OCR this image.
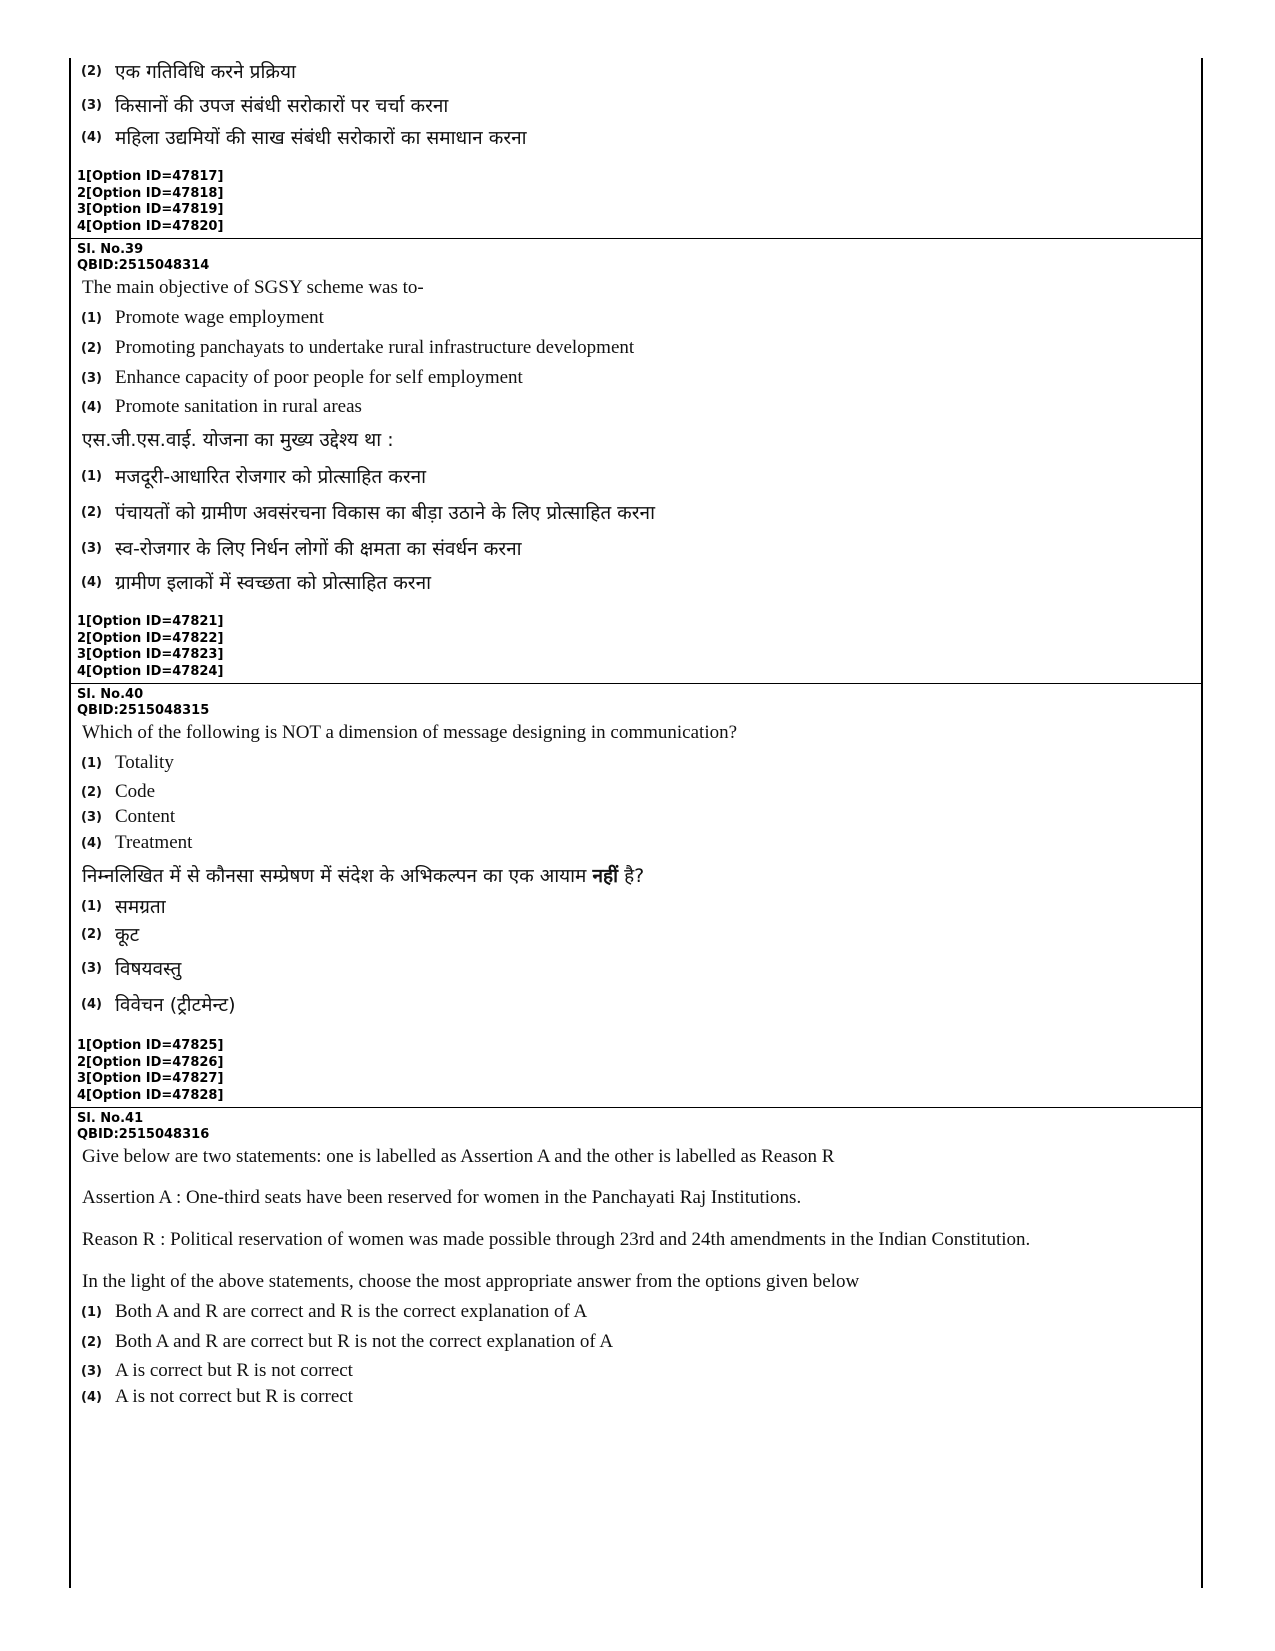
(2) एक गतिविधि करने प्रक्रिया
(3) किसानों की उपज संबंधी सरोकारों पर चर्चा करना
(4) महिला उद्यमियों की साख संबंधी सरोकारों का समाधान करना
1[Option ID=47817]
2[Option ID=47818]
3[Option ID=47819]
4[Option ID=47820]
Sl. No.39
QBID:2515048314
The main objective of SGSY scheme was to-
(1) Promote wage employment
(2) Promoting panchayats to undertake rural infrastructure development
(3) Enhance capacity of poor people for self employment
(4) Promote sanitation in rural areas
एस.जी.एस.वाई. योजना का मुख्य उद्देश्य था :
(1) मजदूरी-आधारित रोजगार को प्रोत्साहित करना
(2) पंचायतों को ग्रामीण अवसंरचना विकास का बीड़ा उठाने के लिए प्रोत्साहित करना
(3) स्व-रोजगार के लिए निर्धन लोगों की क्षमता का संवर्धन करना
(4) ग्रामीण इलाकों में स्वच्छता को प्रोत्साहित करना
1[Option ID=47821]
2[Option ID=47822]
3[Option ID=47823]
4[Option ID=47824]
Sl. No.40
QBID:2515048315
Which of the following is NOT a dimension of message designing in communication?
(1) Totality
(2) Code
(3) Content
(4) Treatment
निम्नलिखित में से कौनसा सम्प्रेषण में संदेश के अभिकल्पन का एक आयाम नहीं है?
(1) समग्रता
(2) कूट
(3) विषयवस्तु
(4) विवेचन (ट्रीटमेन्ट)
1[Option ID=47825]
2[Option ID=47826]
3[Option ID=47827]
4[Option ID=47828]
Sl. No.41
QBID:2515048316
Give below are two statements: one is labelled as Assertion A and the other is labelled as Reason R
Assertion A : One-third seats have been reserved for women in the Panchayati Raj Institutions.
Reason R : Political reservation of women was made possible through 23rd and 24th amendments in the Indian Constitution.
In the light of the above statements, choose the most appropriate answer from the options given below
(1) Both A and R are correct and R is the correct explanation of A
(2) Both A and R are correct but R is not the correct explanation of A
(3) A is correct but R is not correct
(4) A is not correct but R is correct
